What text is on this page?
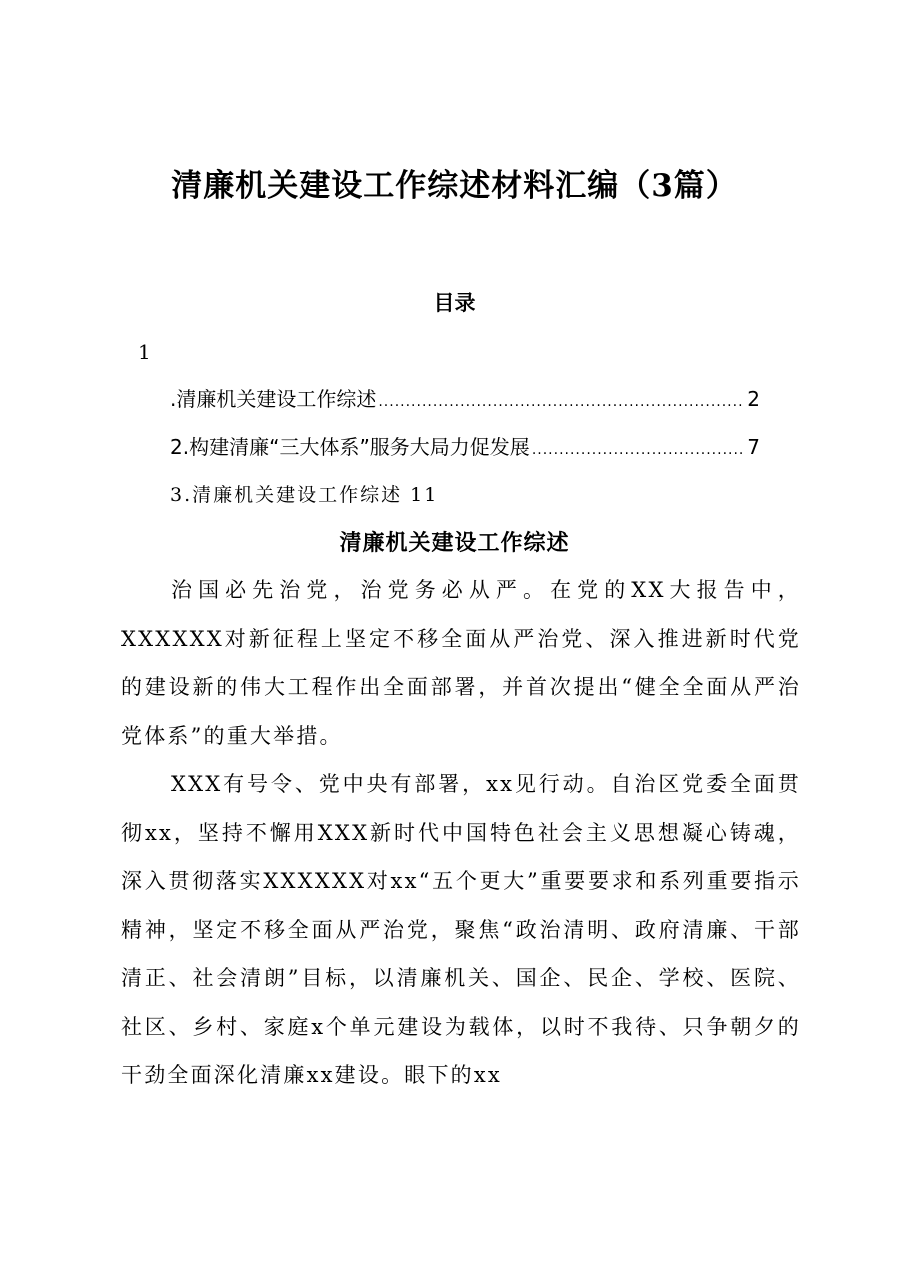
清廉机关建设工作综述材料汇编（3篇）
目录
1
.清廉机关建设工作综述 .....	2
2.构建清廉“三大体系”服务大局力促发展 .....	7
3.清廉机关建设工作综述 11
清廉机关建设工作综述

治国必先治党，治党务必从严。在党的XX大报告中，XXXXXX对新征程上坚定不移全面从严治党、深入推进新时代党的建设新的伟大工程作出全面部署，并首次提出“健全全面从严治党体系”的重大举措。

XXX有号令、党中央有部署，xx见行动。自治区党委全面贯彻xx，坚持不懈用XXX新时代中国特色社会主义思想凝心铸魂，深入贯彻落实XXXXXX对xx“五个更大”重要要求和系列重要指示精神，坚定不移全面从严治党，聚焦“政治清明、政府清廉、干部清正、社会清朗”目标，以清廉机关、国企、民企、学校、医院、社区、乡村、家庭x个单元建设为载体，以时不我待、只争朝夕的干劲全面深化清廉xx建设。眼下的xx
